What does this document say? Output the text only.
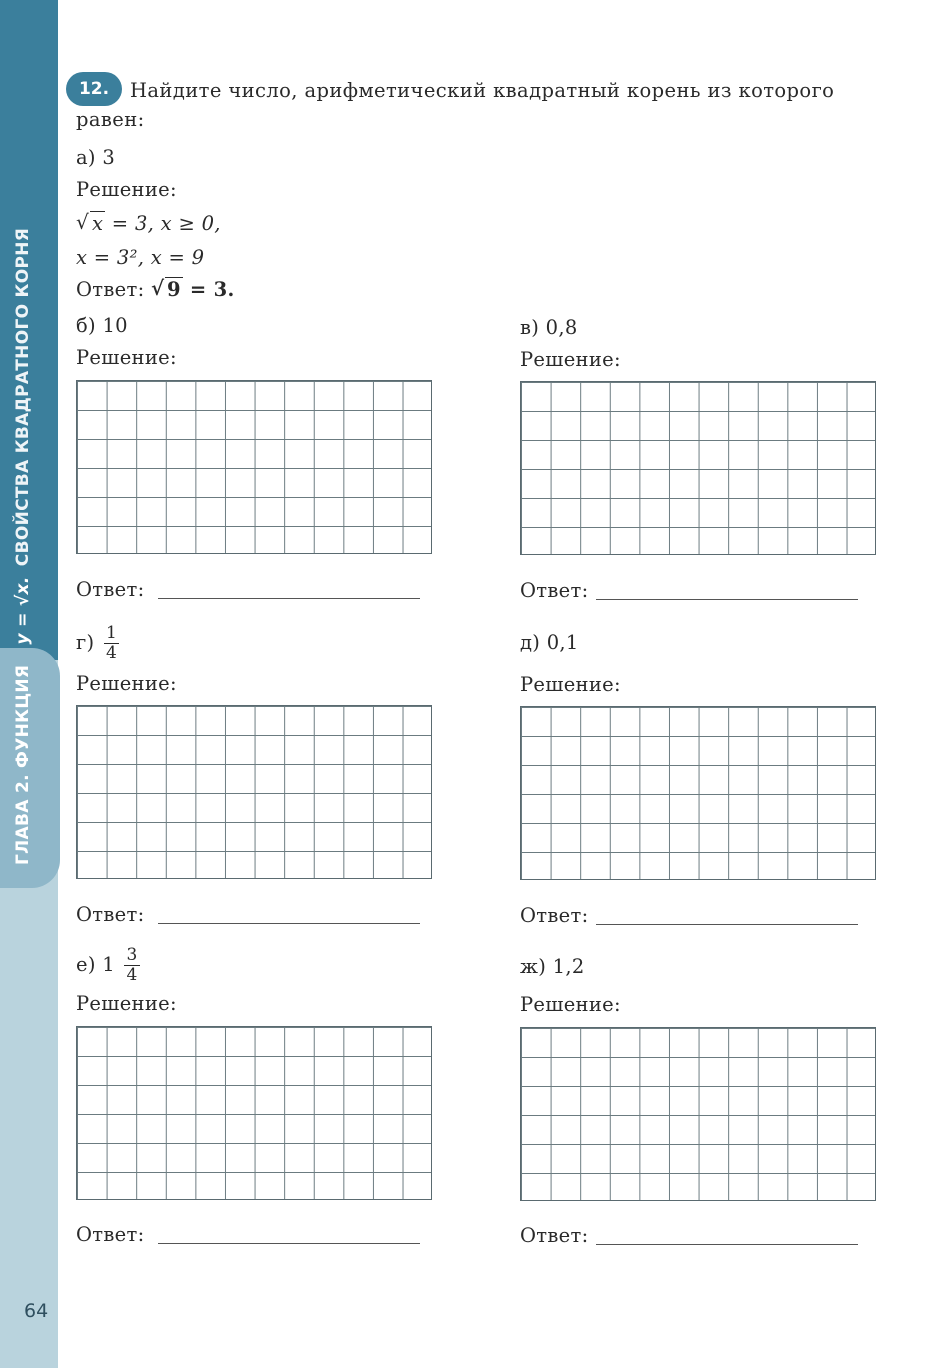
ГЛАВА 2. ФУНКЦИЯ y = √x. СВОЙСТВА КВАДРАТНОГО КОРНЯ
64
12.	Найдите число, арифметический квадратный корень из которого
равен:
а) 3
Решение:
√ x = 3, x ≥ 0,
x = 3², x = 9
Ответ: √ 9 = 3.
б) 10
Решение:
Ответ:
в) 0,8
Решение:
Ответ:
$г) \frac{1}{4}$
Решение:
Ответ:
д) 0,1
Решение:
Ответ:
е) $1 \frac{3}{4}$
Решение:
Ответ:
ж) 1,2
Решение:
Ответ:
